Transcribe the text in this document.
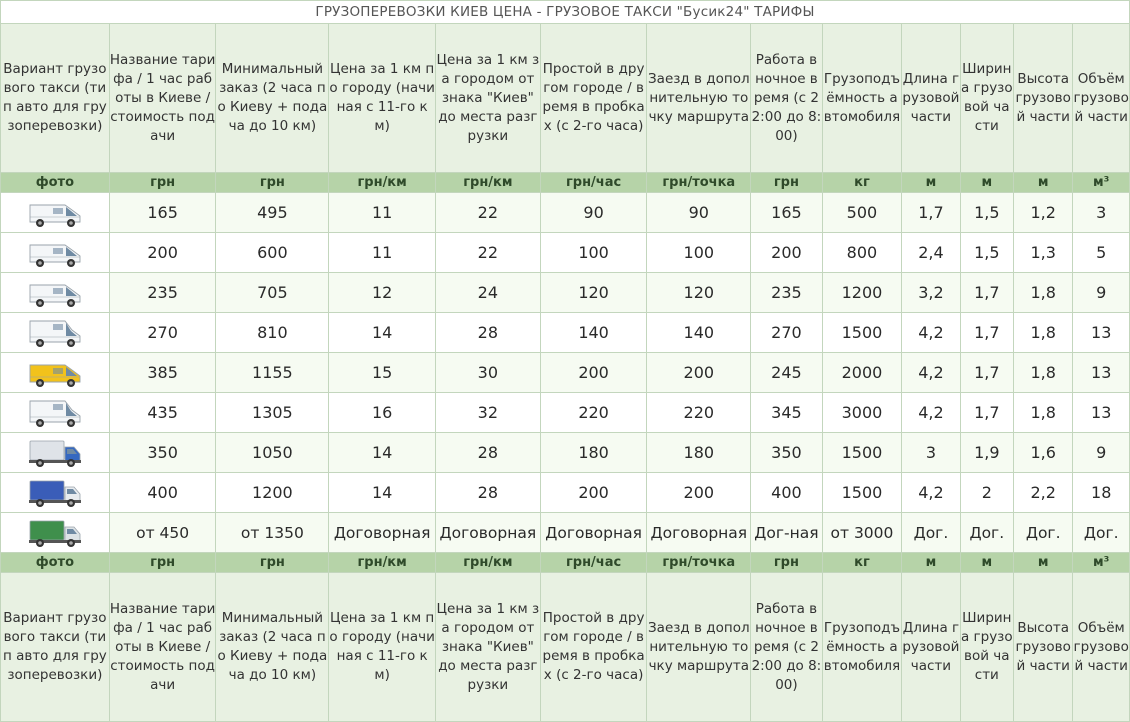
ГРУЗОПЕРЕВОЗКИ КИЕВ ЦЕНА - ГРУЗОВОЕ ТАКСИ "Бусик24" ТАРИФЫ												
Вариант грузового такси (тип авто для грузоперевозки)	Название тарифа / 1 час работы в Киеве / стоимость подачи	Минимальный заказ (2 часа по Киеву + подача до 10 км)	Цена за 1 км по городу (начиная с 11-го км)	Цена за 1 км за городом от знака "Киев" до места разгрузки	Простой в другом городе / время в пробках (с 2-го часа)	Заезд в дополнительную точку маршрута	Работа в ночное время (с 22:00 до 8:00)	Грузоподъёмность автомобиля	Длина грузовой части	Ширина грузовой части	Высота грузовой части	Объём грузовой части
фото	грн	грн	грн/км	грн/км	грн/час	грн/точка	грн	кг	м	м	м	м³

	165	495	11	22	90	90	165	500	1,7	1,5	1,2	3

	200	600	11	22	100	100	200	800	2,4	1,5	1,3	5

	235	705	12	24	120	120	235	1200	3,2	1,7	1,8	9

	270	810	14	28	140	140	270	1500	4,2	1,7	1,8	13

	385	1155	15	30	200	200	245	2000	4,2	1,7	1,8	13

	435	1305	16	32	220	220	345	3000	4,2	1,7	1,8	13

	350	1050	14	28	180	180	350	1500	3	1,9	1,6	9

	400	1200	14	28	200	200	400	1500	4,2	2	2,2	18

	от 450	от 1350	Договорная	Договорная	Договорная	Договорная	Дог-ная	от 3000	Дог.	Дог.	Дог.	Дог.
фото	грн	грн	грн/км	грн/км	грн/час	грн/точка	грн	кг	м	м	м	м³
Вариант грузового такси (тип авто для грузоперевозки)	Название тарифа / 1 час работы в Киеве / стоимость подачи	Минимальный заказ (2 часа по Киеву + подача до 10 км)	Цена за 1 км по городу (начиная с 11-го км)	Цена за 1 км за городом от знака "Киев" до места разгрузки	Простой в другом городе / время в пробках (с 2-го часа)	Заезд в дополнительную точку маршрута	Работа в ночное время (с 22:00 до 8:00)	Грузоподъёмность автомобиля	Длина грузовой части	Ширина грузовой части	Высота грузовой части	Объём грузовой части
